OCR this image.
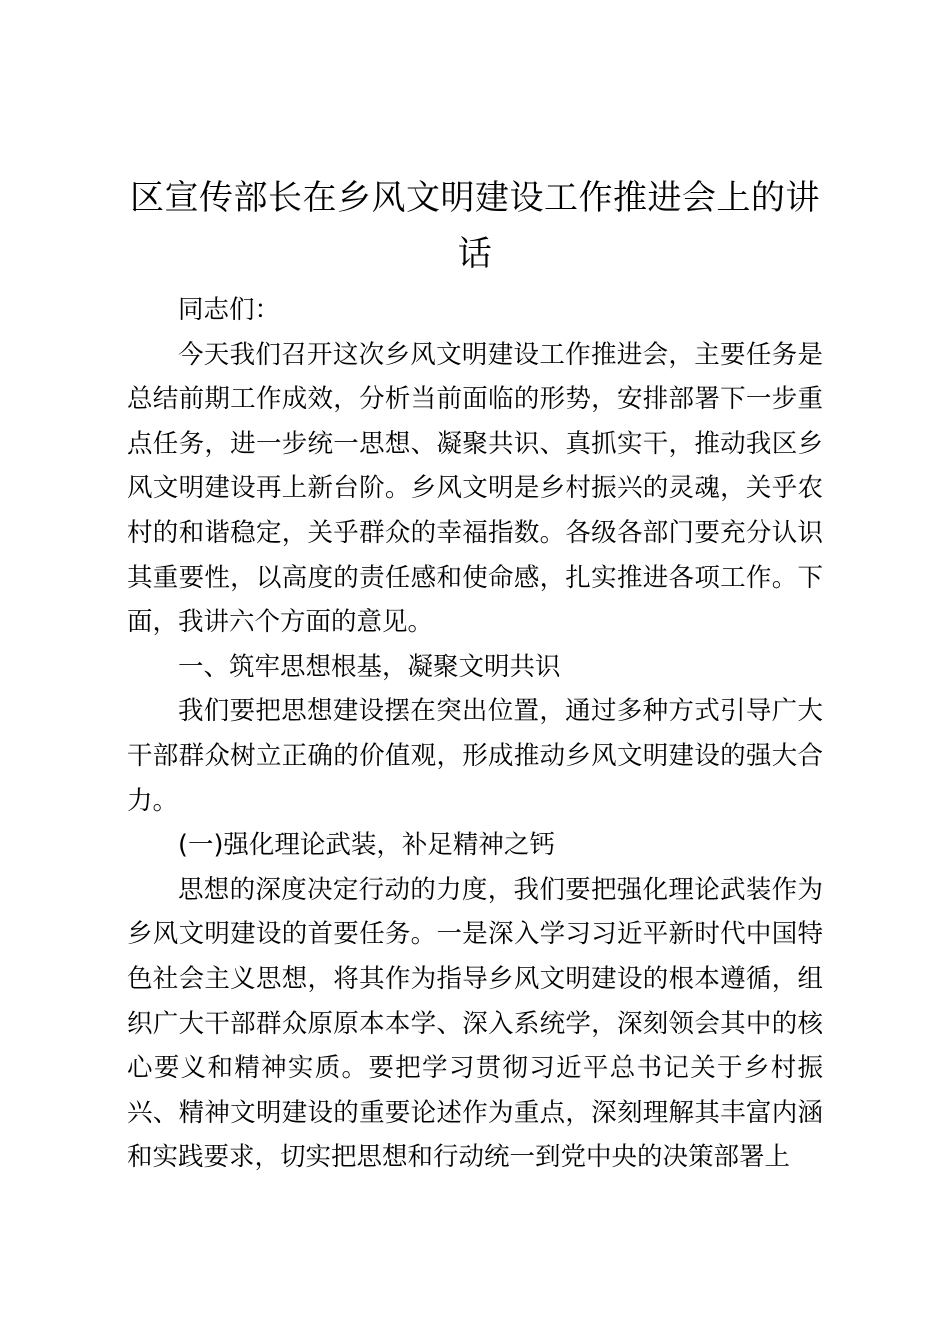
区宣传部长在乡风文明建设工作推进会上的讲话

同志们：

今天我们召开这次乡风文明建设工作推进会，主要任务是总结前期工作成效，分析当前面临的形势，安排部署下一步重点任务，进一步统一思想、凝聚共识、真抓实干，推动我区乡风文明建设再上新台阶。乡风文明是乡村振兴的灵魂，关乎农村的和谐稳定，关乎群众的幸福指数。各级各部门要充分认识其重要性，以高度的责任感和使命感，扎实推进各项工作。下面，我讲六个方面的意见。

一、筑牢思想根基，凝聚文明共识

我们要把思想建设摆在突出位置，通过多种方式引导广大干部群众树立正确的价值观，形成推动乡风文明建设的强大合力。

(一)强化理论武装，补足精神之钙

思想的深度决定行动的力度，我们要把强化理论武装作为乡风文明建设的首要任务。一是深入学习习近平新时代中国特色社会主义思想，将其作为指导乡风文明建设的根本遵循，组织广大干部群众原原本本学、深入系统学，深刻领会其中的核心要义和精神实质。要把学习贯彻习近平总书记关于乡村振兴、精神文明建设的重要论述作为重点，深刻理解其丰富内涵和实践要求，切实把思想和行动统一到党中央的决策部署上
